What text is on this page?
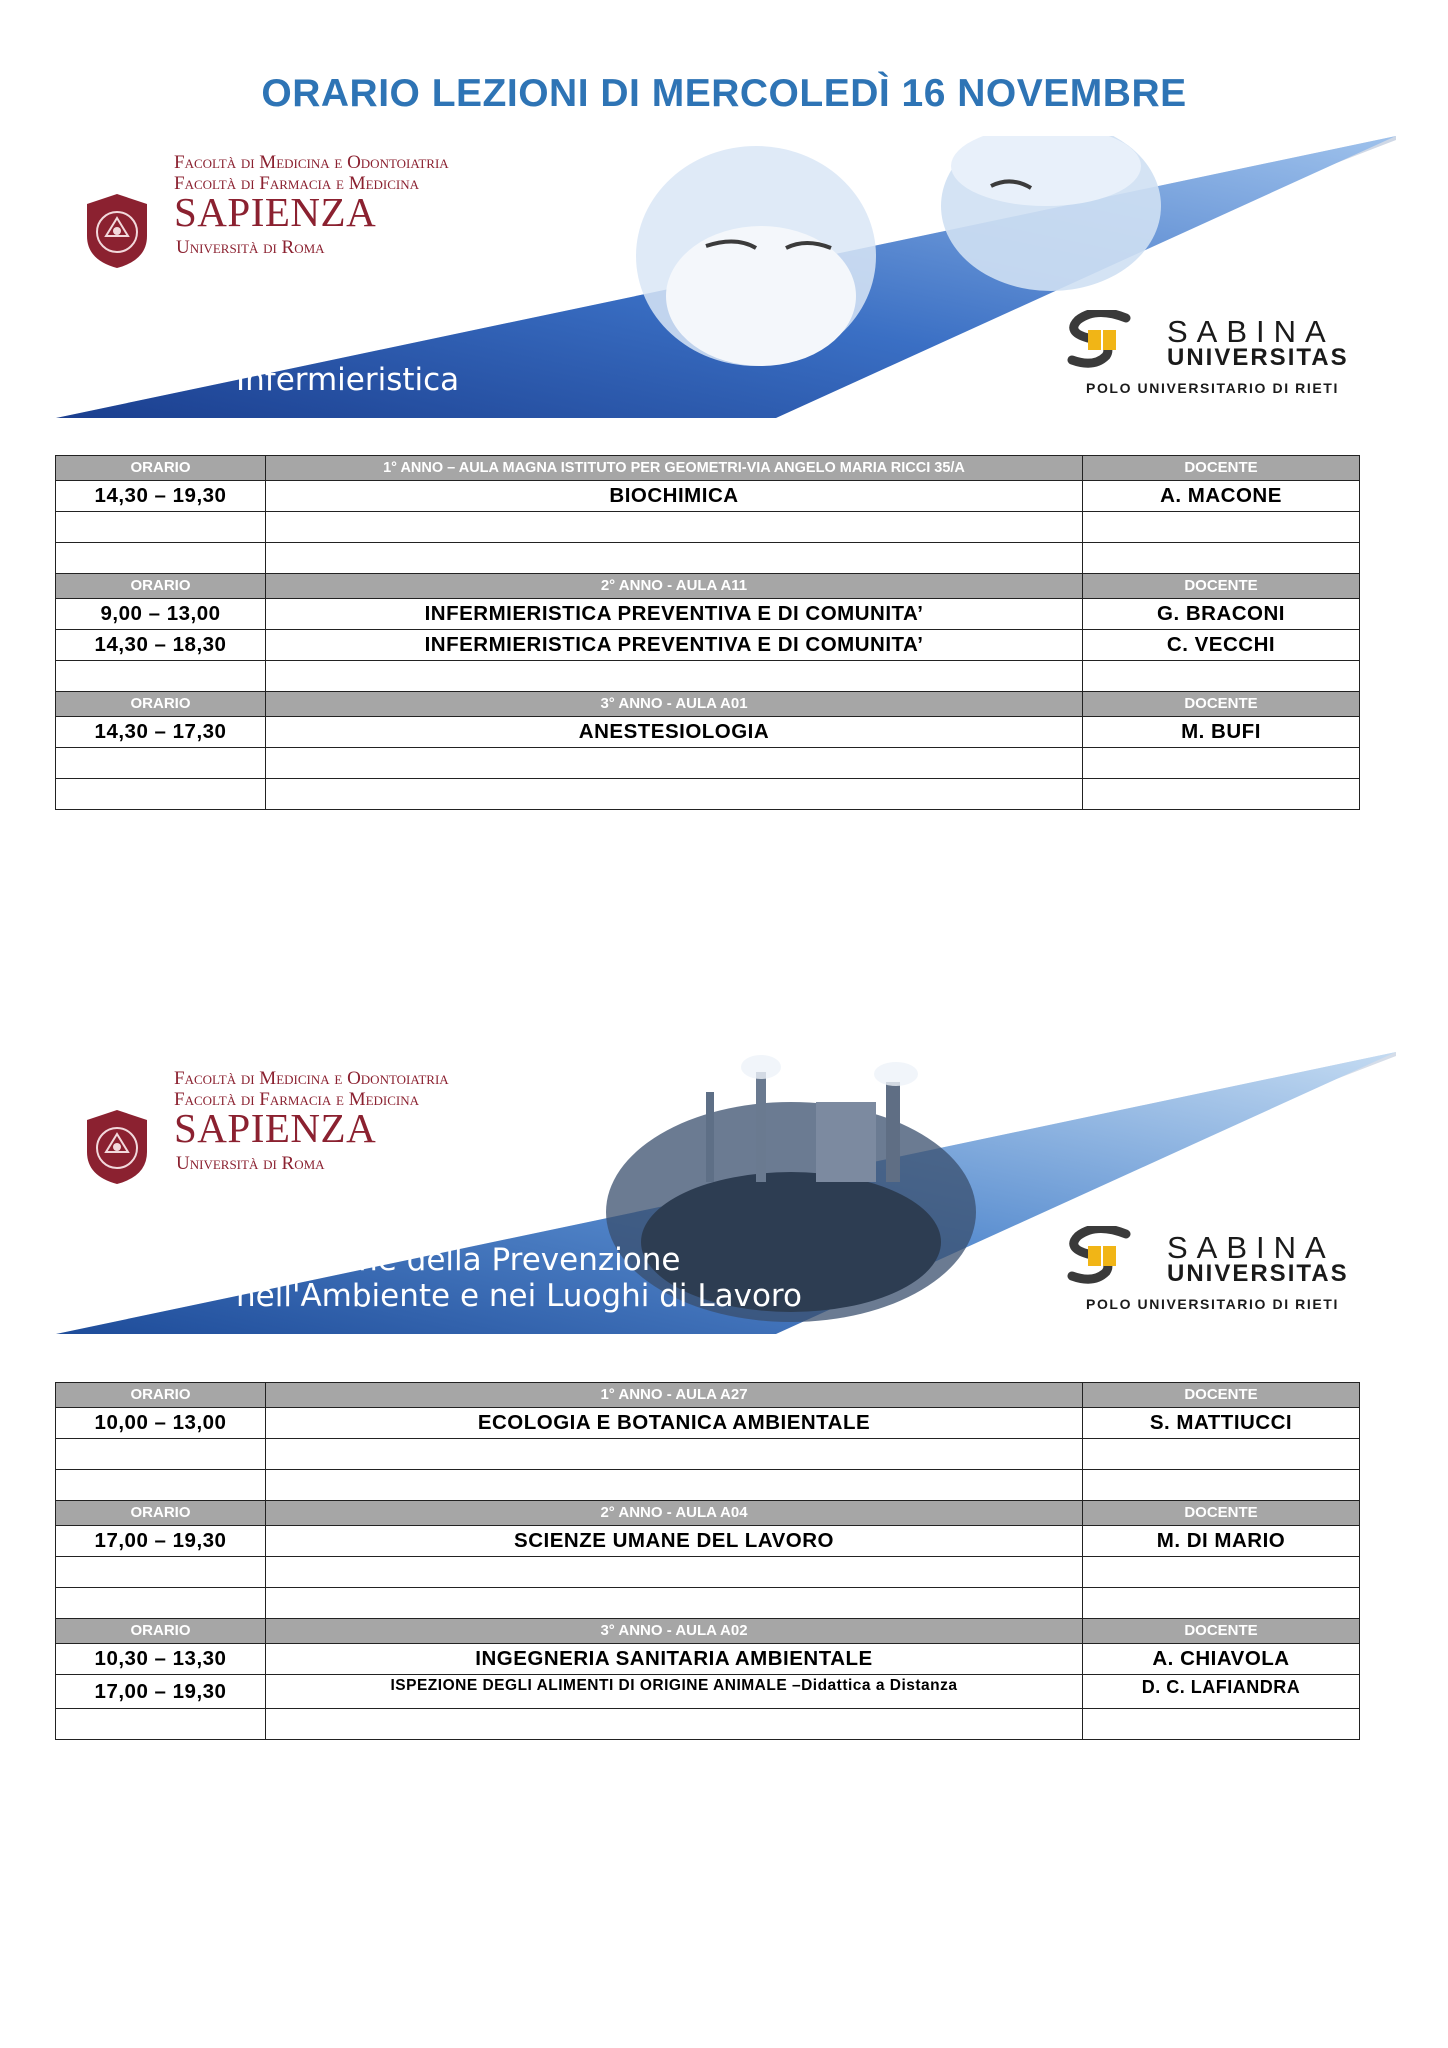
ORARIO LEZIONI DI MERCOLEDÌ 16 NOVEMBRE
Facoltà di Medicina e Odontoiatria
Facoltà di Farmacia e Medicina
SAPIENZA
Università di Roma
Infermieristica
SABINA
UNIVERSITAS
POLO UNIVERSITARIO DI RIETI
ORARIO	1° ANNO – AULA MAGNA ISTITUTO PER GEOMETRI-VIA ANGELO MARIA RICCI 35/A	DOCENTE
14,30 – 19,30	BIOCHIMICA	A. MACONE

ORARIO	2° ANNO - AULA A11	DOCENTE
9,00 – 13,00	INFERMIERISTICA PREVENTIVA E DI COMUNITA’	G. BRACONI
14,30 – 18,30	INFERMIERISTICA PREVENTIVA E DI COMUNITA’	C. VECCHI

ORARIO	3° ANNO - AULA A01	DOCENTE
14,30 – 17,30	ANESTESIOLOGIA	M. BUFI

Facoltà di Medicina e Odontoiatria
Facoltà di Farmacia e Medicina
SAPIENZA
Università di Roma
Tecniche della Prevenzione
nell'Ambiente e nei Luoghi di Lavoro
SABINA
UNIVERSITAS
POLO UNIVERSITARIO DI RIETI
ORARIO	1° ANNO - AULA A27	DOCENTE
10,00 – 13,00	ECOLOGIA E BOTANICA AMBIENTALE	S. MATTIUCCI

ORARIO	2° ANNO - AULA A04	DOCENTE
17,00 – 19,30	SCIENZE UMANE DEL LAVORO	M. DI MARIO

ORARIO	3° ANNO - AULA A02	DOCENTE
10,30 – 13,30	INGEGNERIA SANITARIA AMBIENTALE	A. CHIAVOLA
17,00 – 19,30	ISPEZIONE DEGLI ALIMENTI DI ORIGINE ANIMALE –Didattica a Distanza	D. C. LAFIANDRA
